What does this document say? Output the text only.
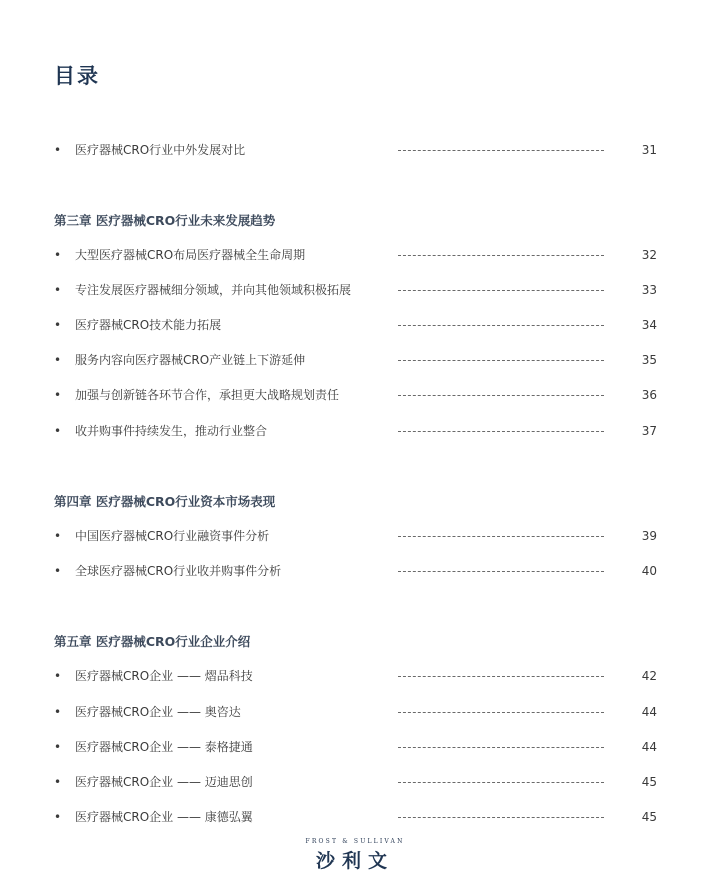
目录
• 医疗器械CRO行业中外发展对比	31
第三章 医疗器械CRO行业未来发展趋势
• 大型医疗器械CRO布局医疗器械全生命周期	32
• 专注发展医疗器械细分领域，并向其他领域积极拓展	33
• 医疗器械CRO技术能力拓展	34
• 服务内容向医疗器械CRO产业链上下游延伸	35
• 加强与创新链各环节合作，承担更大战略规划责任	36
• 收并购事件持续发生，推动行业整合	37
第四章 医疗器械CRO行业资本市场表现
• 中国医疗器械CRO行业融资事件分析	39
• 全球医疗器械CRO行业收并购事件分析	40
第五章 医疗器械CRO行业企业介绍
• 医疗器械CRO企业 —— 熠品科技	42
• 医疗器械CRO企业 —— 奥咨达	44
• 医疗器械CRO企业 —— 泰格捷通	44
• 医疗器械CRO企业 —— 迈迪思创	45
• 医疗器械CRO企业 —— 康德弘翼	45
FROST & SULLIVAN
沙利文
